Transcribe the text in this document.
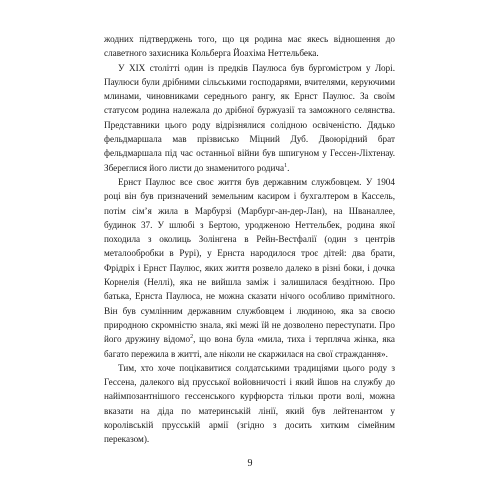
жодних підтверджень того, що ця родина має якесь відношення до славетного захисника Кольберга Йоахіма Неттельбека.

У XIX столітті один із предків Паулюса був бургомістром у Лорі. Паулюси були дрібними сільськими господарями, вчителями, керуючими млинами, чиновниками середнього рангу, як Ернст Паулюс. За своїм статусом родина належала до дрібної буржуазії та заможного селянства. Представники цього роду відрізнялися солідною освіченістю. Дядько фельдмаршала мав прізвисько Міцний Дуб. Двоюрідний брат фельдмаршала під час останньої війни був шпигуном у Гессен-Ліхтенау. Збереглися його листи до знаменитого родича$^1$.

Ернст Паулюс все своє життя був державним службовцем. У 1904 році він був призначений земельним касиром і бухгалтером в Кассель, потім сім’я жила в Марбурзі (Марбург-ан-дер-Лан), на Шваналлее, будинок 37. У шлюбі з Бертою, уродженою Неттельбек, родина якої походила з околиць Золінгена в Рейн-Вестфалії (один з центрів металообробки в Рурі), у Ернста народилося троє дітей: два брати, Фрідріх і Ернст Паулюс, яких життя розвело далеко в різні боки, і дочка Корнелія (Неллі), яка не вийшла заміж і залишилася бездітною. Про батька, Ернста Паулюса, не можна сказати нічого особливо примітного. Він був сумлінним державним службовцем і людиною, яка за своєю природною скромністю знала, які межі їй не дозволено переступати. Про його дружину відомо$^2$, що вона була «мила, тиха і терпляча жінка, яка багато пережила в житті, але ніколи не скаржилася на свої страждання».

Тим, хто хоче поцікавитися солдатськими традиціями цього роду з Гессена, далекого від прусської войовничості і який йшов на службу до найімпозантнішого гессенського курфюрста тільки проти волі, можна вказати на діда по материнській лінії, який був лейтенантом у королівській прусській армії (згідно з досить хитким сімейним переказом).

9
